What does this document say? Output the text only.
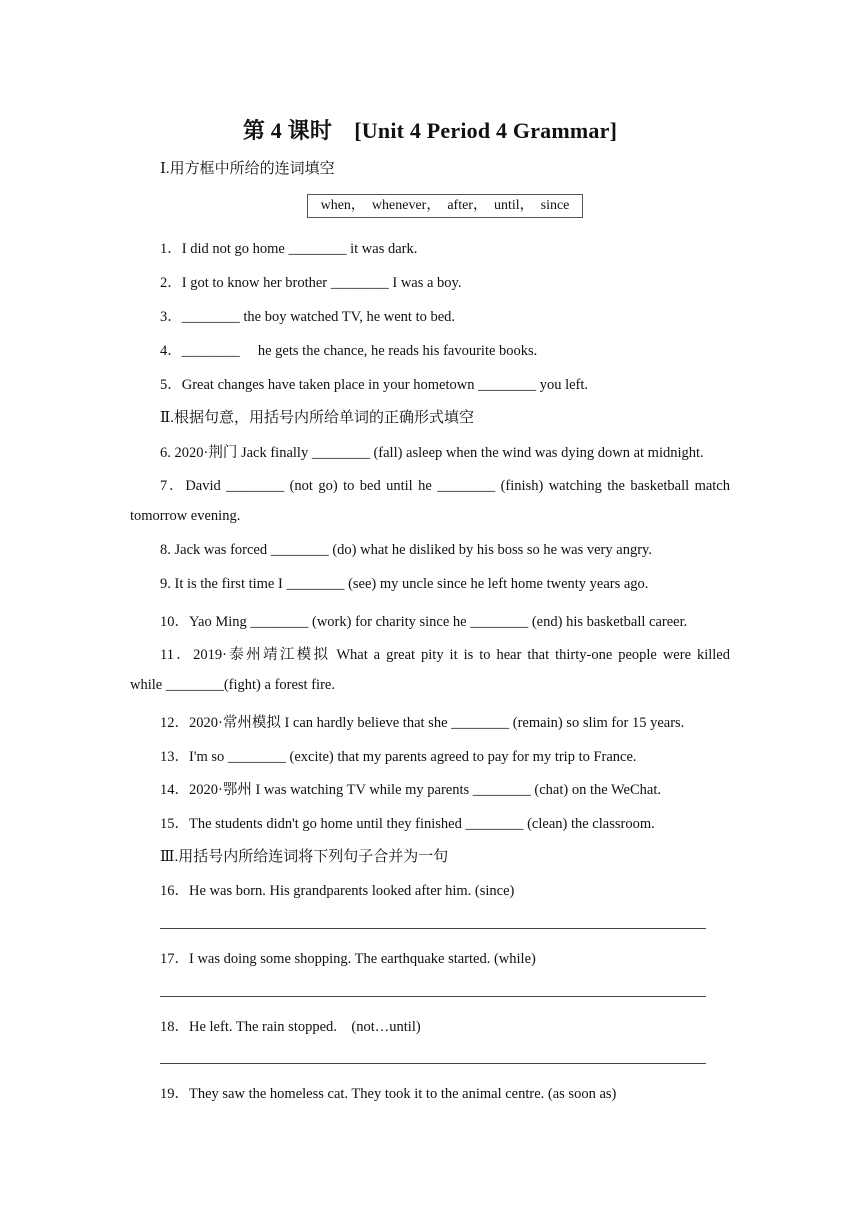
第 4 课时　[Unit 4 Period 4 Grammar]
Ⅰ.用方框中所给的连词填空
when，　whenever，　after，　until，　since
1．I did not go home ________ it was dark.
2．I got to know her brother ________ I was a boy.
3．________ the boy watched TV, he went to bed.
4．________　 he gets the chance, he reads his favourite books.
5．Great changes have taken place in your hometown ________ you left.
Ⅱ.根据句意，用括号内所给单词的正确形式填空
6. 2020·荆门 Jack finally ________ (fall) asleep when the wind was dying down at midnight.
7．David ________ (not go) to bed until he ________ (finish) watching the basketball match
tomorrow evening.
8. Jack was forced ________ (do) what he disliked by his boss so he was very angry.
9. It is the first time I ________ (see) my uncle since he left home twenty years ago.
10．Yao Ming ________ (work) for charity since he ________ (end) his basketball career.
11．2019·泰州靖江模拟 What a great pity it is to hear that thirty-one people were killed
while ________(fight) a forest fire.
12．2020·常州模拟 I can hardly believe that she ________ (remain) so slim for 15 years.
13．I'm so ________ (excite) that my parents agreed to pay for my trip to France.
14．2020·鄂州 I was watching TV while my parents ________ (chat) on the WeChat.
15．The students didn't go home until they finished ________ (clean) the classroom.
Ⅲ.用括号内所给连词将下列句子合并为一句
16．He was born. His grandparents looked after him. (since)
17．I was doing some shopping. The earthquake started. (while)
18．He left. The rain stopped.　(not…until)
19．They saw the homeless cat. They took it to the animal centre. (as soon as)
